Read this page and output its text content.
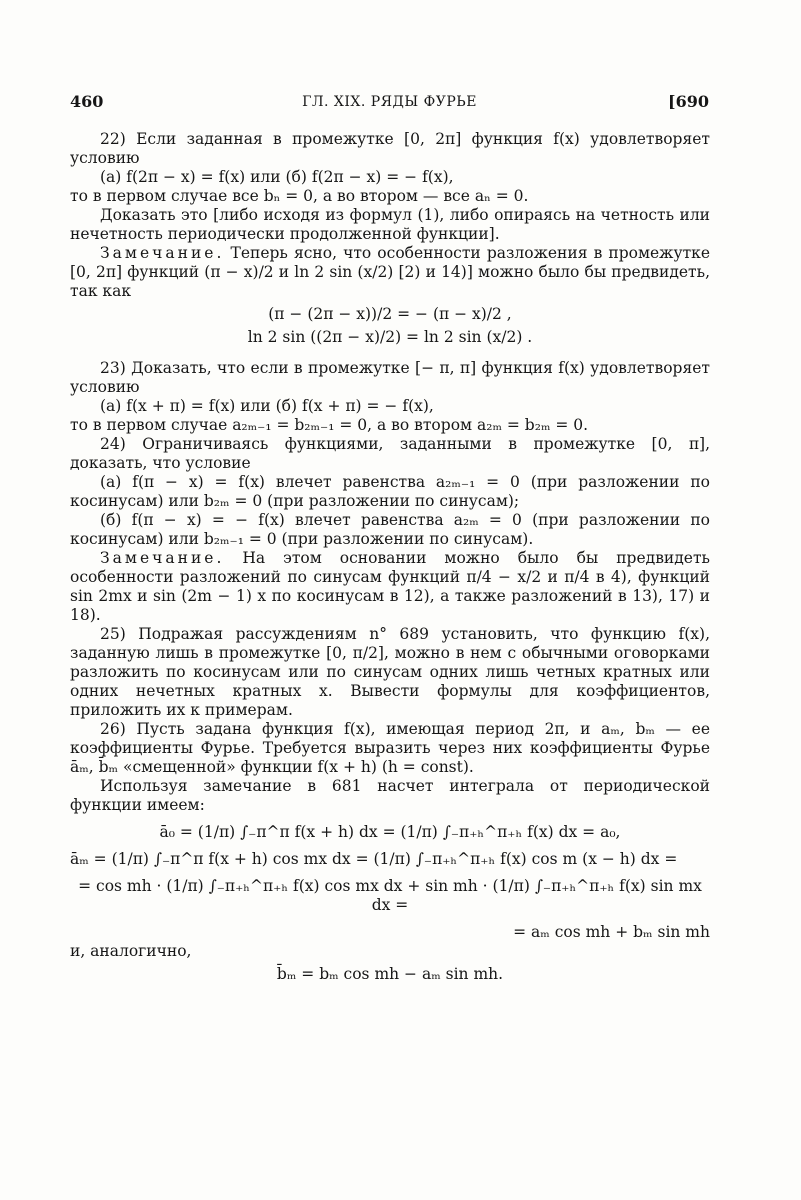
460	ГЛ. XIX. РЯДЫ ФУРЬЕ	[690

22) Если заданная в промежутке [0, 2π] функция f(x) удовлетворяет условию

(а) f(2π − x) = f(x) или (б) f(2π − x) = − f(x),

то в первом случае все bₙ = 0, а во втором — все aₙ = 0.

Доказать это [либо исходя из формул (1), либо опираясь на четность или нечетность периодически продолженной функции].

Замечание. Теперь ясно, что особенности разложения в промежутке [0, 2π] функций (π − x)/2 и ln 2 sin (x/2) [2) и 14)] можно было бы предвидеть, так как

(π − (2π − x))/2 = − (π − x)/2 ,

ln 2 sin ((2π − x)/2) = ln 2 sin (x/2) .

23) Доказать, что если в промежутке [− π, π] функция f(x) удовлетворяет условию

(а) f(x + π) = f(x) или (б) f(x + π) = − f(x),

то в первом случае a₂ₘ₋₁ = b₂ₘ₋₁ = 0, а во втором a₂ₘ = b₂ₘ = 0.

24) Ограничиваясь функциями, заданными в промежутке [0, π], доказать, что условие

(а) f(π − x) = f(x) влечет равенства a₂ₘ₋₁ = 0 (при разложении по косинусам) или b₂ₘ = 0 (при разложении по синусам);

(б) f(π − x) = − f(x) влечет равенства a₂ₘ = 0 (при разложении по косинусам) или b₂ₘ₋₁ = 0 (при разложении по синусам).

Замечание. На этом основании можно было бы предвидеть особенности разложений по синусам функций π/4 − x/2 и π/4 в 4), функций sin 2mx и sin (2m − 1) x по косинусам в 12), а также разложений в 13), 17) и 18).

25) Подражая рассуждениям n° 689 установить, что функцию f(x), заданную лишь в промежутке [0, π/2], можно в нем с обычными оговорками разложить по косинусам или по синусам одних лишь четных кратных или одних нечетных кратных x. Вывести формулы для коэффициентов, приложить их к примерам.

26) Пусть задана функция f(x), имеющая период 2π, и aₘ, bₘ — ее коэффициенты Фурье. Требуется выразить через них коэффициенты Фурье āₘ, b̄ₘ «смещенной» функции f(x + h) (h = const).

Используя замечание в 681 насчет интеграла от периодической функции имеем:

ā₀ = (1/π) ∫₋π^π f(x + h) dx = (1/π) ∫₋π₊ₕ^π₊ₕ f(x) dx = a₀,

āₘ = (1/π) ∫₋π^π f(x + h) cos mx dx = (1/π) ∫₋π₊ₕ^π₊ₕ f(x) cos m (x − h) dx =

= cos mh · (1/π) ∫₋π₊ₕ^π₊ₕ f(x) cos mx dx + sin mh · (1/π) ∫₋π₊ₕ^π₊ₕ f(x) sin mx dx =

= aₘ cos mh + bₘ sin mh

и, аналогично,

b̄ₘ = bₘ cos mh − aₘ sin mh.
